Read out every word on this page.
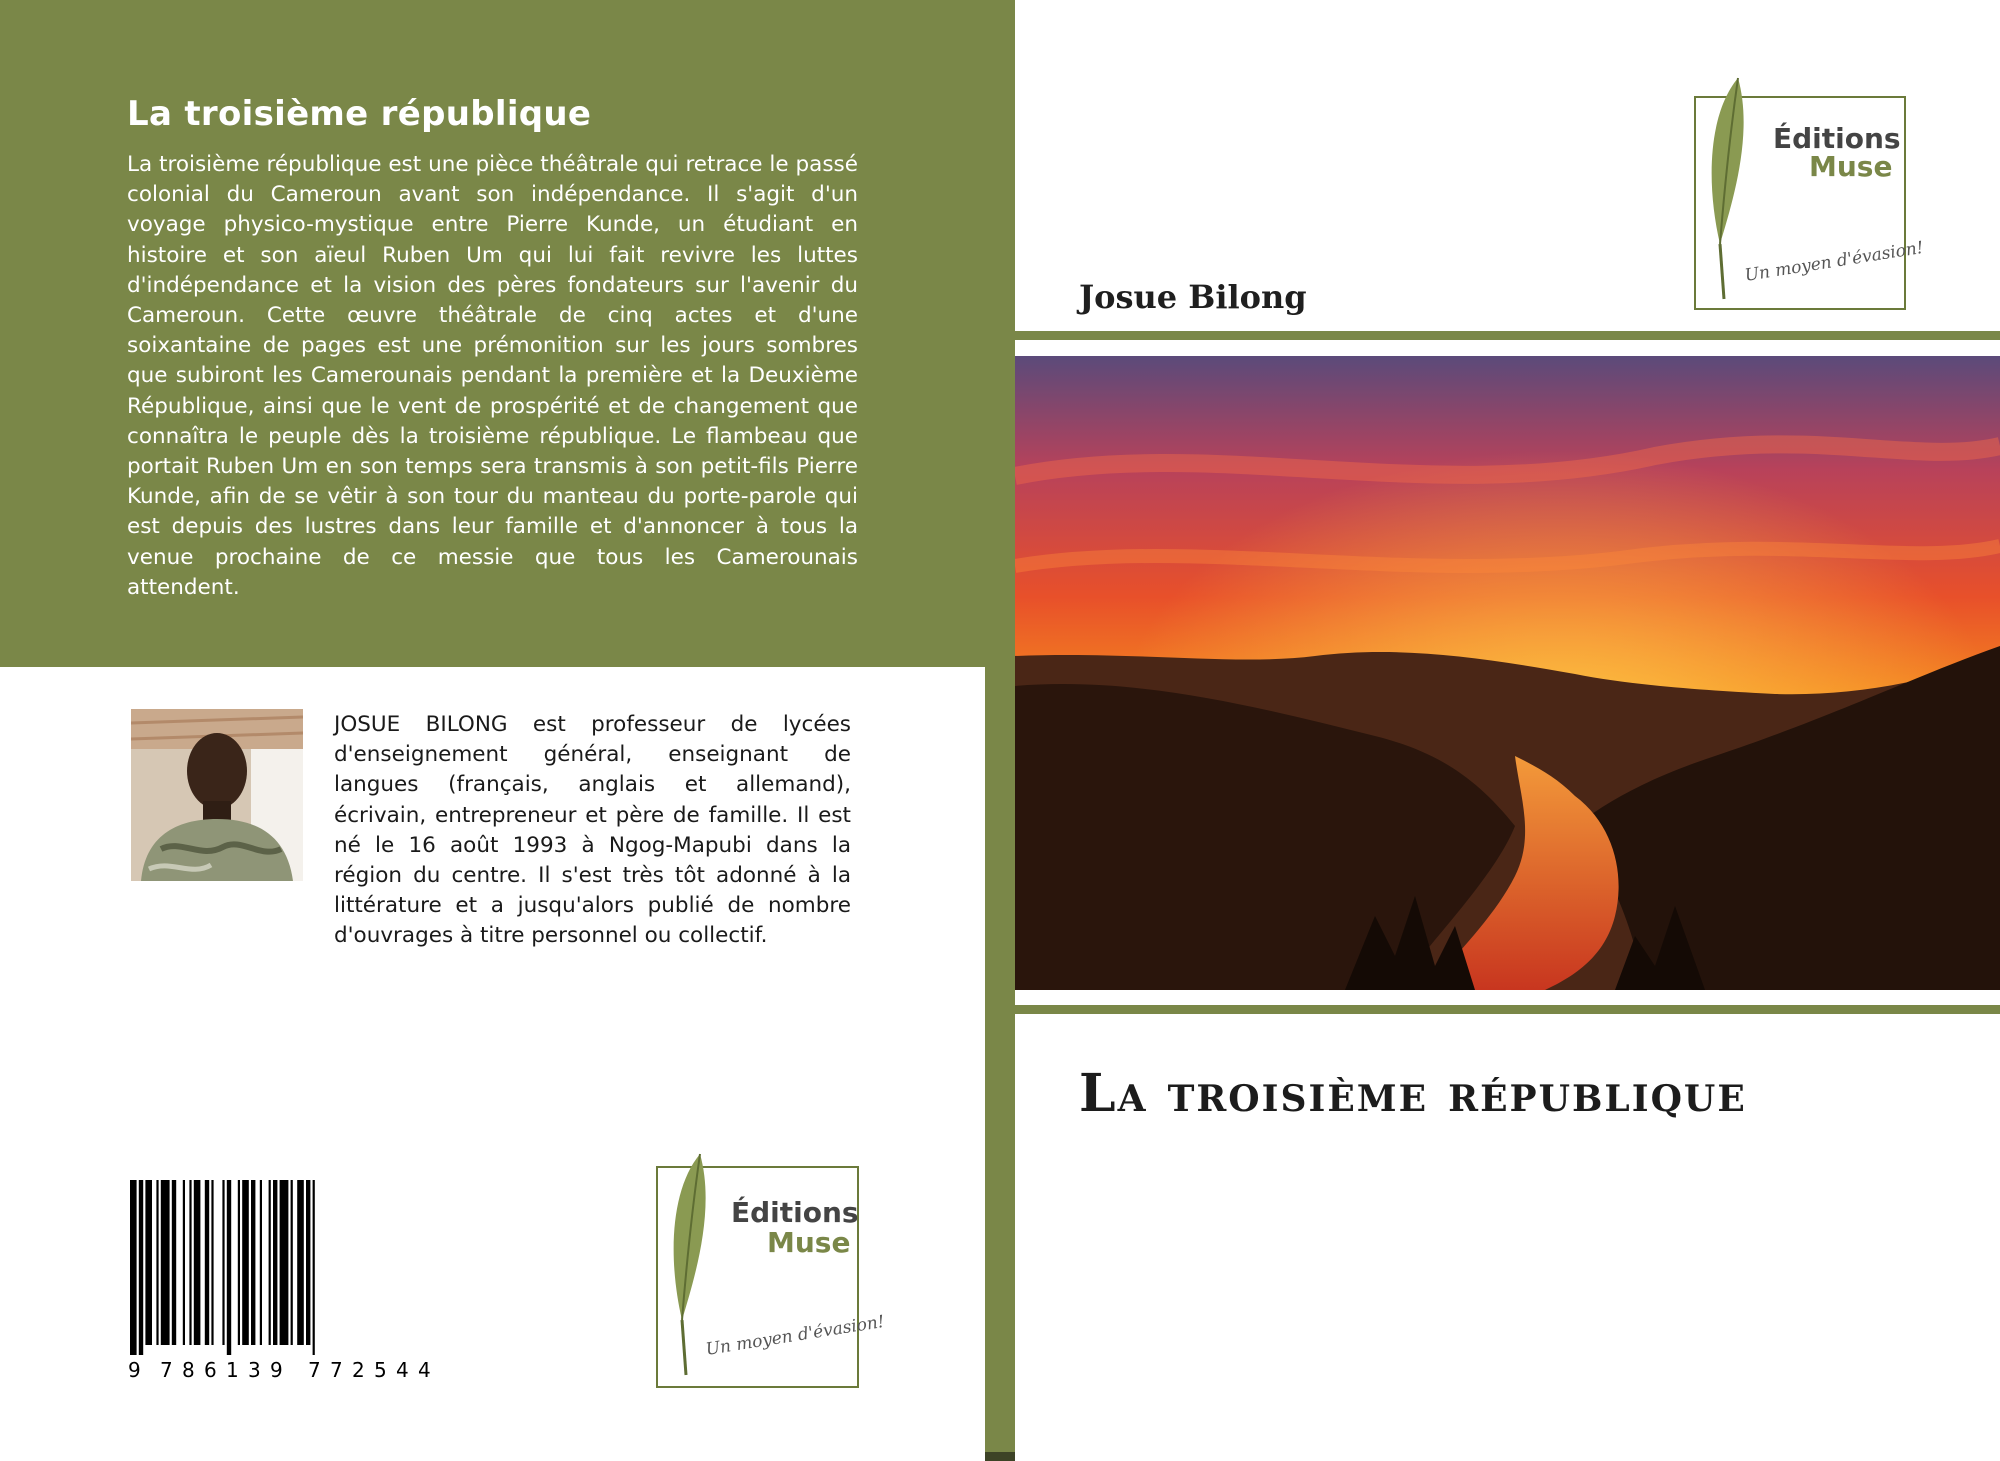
La troisième république
La troisième république est une pièce théâtrale qui retrace le passé colonial du Cameroun avant son indépendance. Il s'agit d'un voyage physico-mystique entre Pierre Kunde, un étudiant en histoire et son aïeul Ruben Um qui lui fait revivre les luttes d'indépendance et la vision des pères fondateurs sur l'avenir du Cameroun. Cette œuvre théâtrale de cinq actes et d'une soixantaine de pages est une prémonition sur les jours sombres que subiront les Camerounais pendant la première et la Deuxième République, ainsi que le vent de prospérité et de changement que connaîtra le peuple dès la troisième république. Le flambeau que portait Ruben Um en son temps sera transmis à son petit-fils Pierre Kunde, afin de se vêtir à son tour du manteau du porte-parole qui est depuis des lustres dans leur famille et d'annoncer à tous la venue prochaine de ce messie que tous les Camerounais attendent.
JOSUE BILONG est professeur de lycées d'enseignement général, enseignant de langues (français, anglais et allemand), écrivain, entrepreneur et père de famille. Il est né le 16 août 1993 à Ngog-Mapubi dans la région du centre. Il s'est très tôt adonné à la littérature et a jusqu'alors publié de nombre d'ouvrages à titre personnel ou collectif.
9 7 8 6 1 3 9 7 7 2 5 4 4
Éditions
Muse
Un moyen d'évasion!
Éditions
Muse
Un moyen d'évasion!
Josue Bilong
La troisième république
